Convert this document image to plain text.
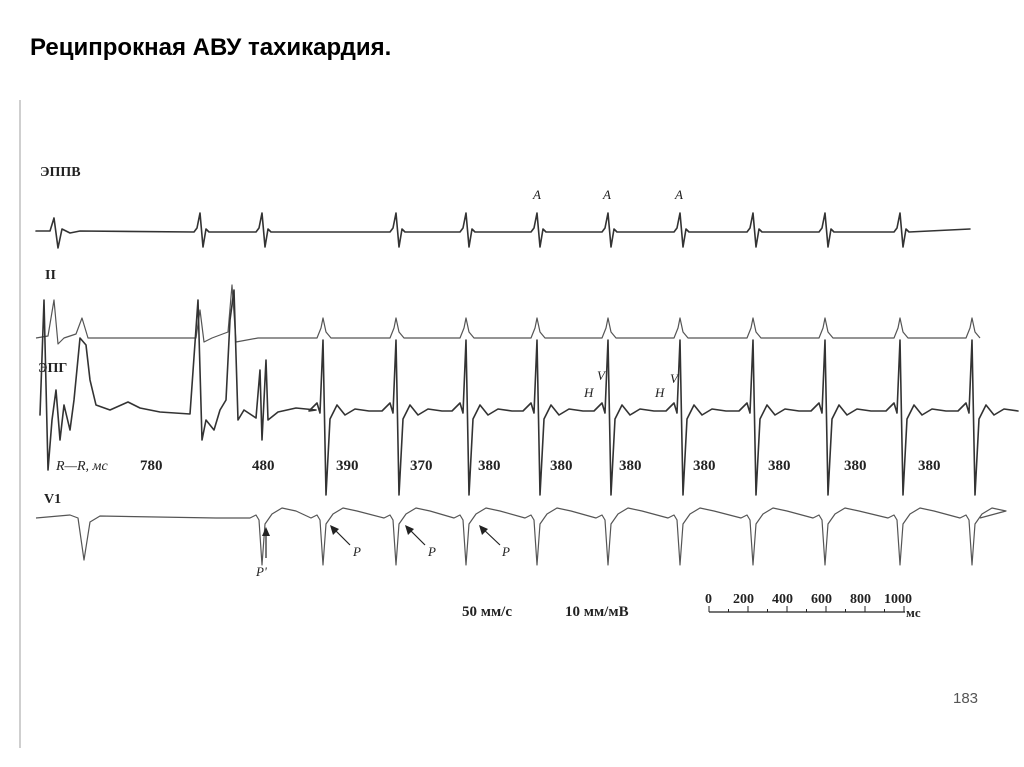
Реципрокная АВУ тахикардия.
ЭППВ
II
ЭПГ
V1
A	A	A
V
H
V
H
R—R, мс 780	480	390	370	380	380	380	380	380	380	380
P'
P	P	P
50 мм/с	10 мм/мВ
0 200 400 600 800 1000
мс
183
